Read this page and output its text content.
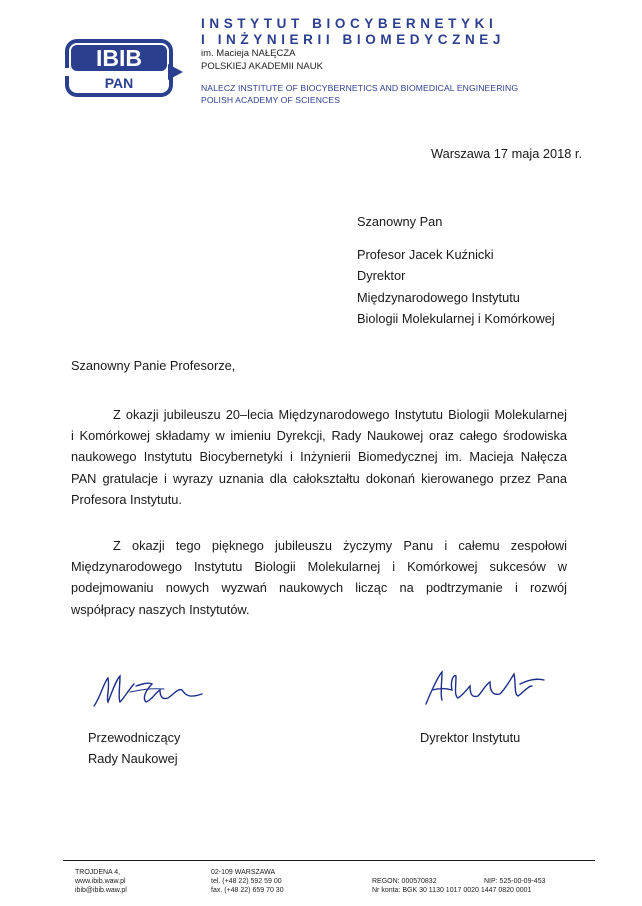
IBIB
PAN
INSTYTUT BIOCYBERNETYKI
I INŻYNIERII BIOMEDYCZNEJ
im. Macieja NAŁĘCZA
POLSKIEJ AKADEMII NAUK
NALECZ INSTITUTE OF BIOCYBERNETICS AND BIOMEDICAL ENGINEERING
POLISH ACADEMY OF SCIENCES
Warszawa 17 maja 2018 r.
Szanowny Pan
Profesor Jacek Kuźnicki
Dyrektor
Międzynarodowego Instytutu
Biologii Molekularnej i Komórkowej
Szanowny Panie Profesorze,
Z okazji jubileuszu 20–lecia Międzynarodowego Instytutu Biologii Molekularnej
i Komórkowej składamy w imieniu Dyrekcji, Rady Naukowej oraz całego środowiska
naukowego Instytutu Biocybernetyki i Inżynierii Biomedycznej im. Macieja Nałęcza
PAN gratulacje i wyrazy uznania dla całokształtu dokonań kierowanego przez Pana
Profesora Instytutu.
Z okazji tego pięknego jubileuszu życzymy Panu i całemu zespołowi
Międzynarodowego Instytutu Biologii Molekularnej i Komórkowej sukcesów w
podejmowaniu nowych wyzwań naukowych licząc na podtrzymanie i rozwój
współpracy naszych Instytutów.
Przewodniczący
Rady Naukowej
Dyrektor Instytutu
TROJDENA 4,
www.ibib.waw.pl
ibib@ibib.waw.pl
02-109 WARSZAWA
tel. (+48 22) 592 59 00
fax. (+48 22) 659 70 30
REGON: 000570832	NIP: 525-00-09-453
Nr konta: BGK 30 1130 1017 0020 1447 0820 0001
